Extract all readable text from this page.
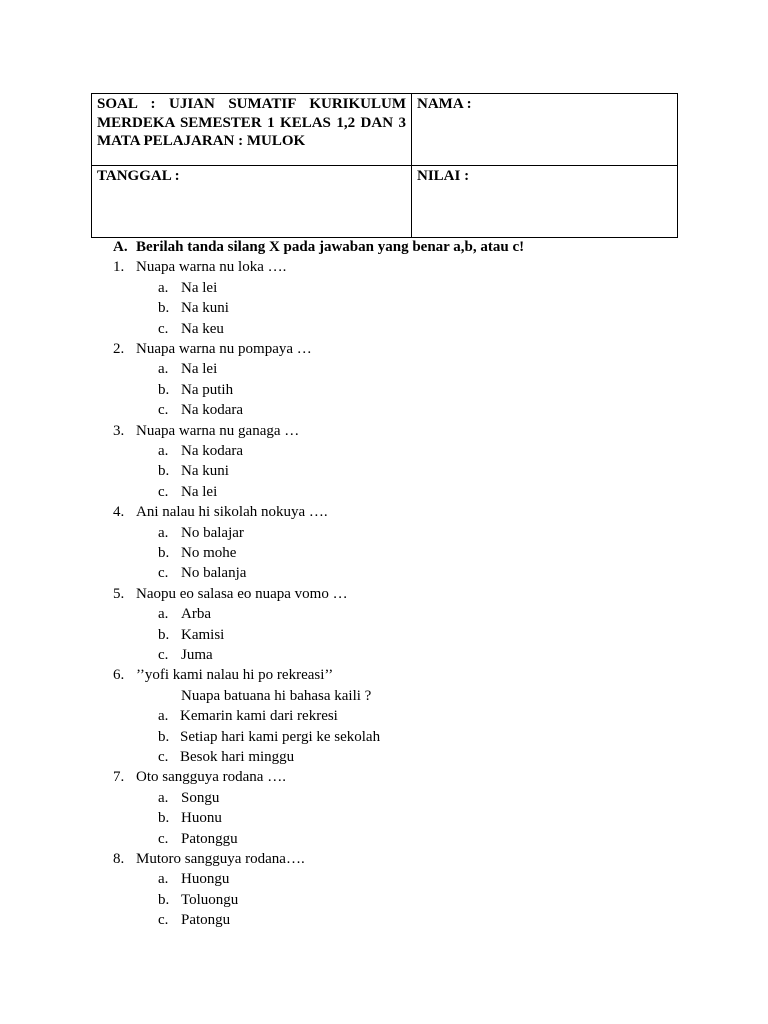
SOAL : UJIAN SUMATIF KURIKULUM
MERDEKA SEMESTER 1 KELAS 1,2 DAN 3
MATA PELAJARAN : MULOK	NAMA :
TANGGAL :	NILAI :
A. Berilah tanda silang X pada jawaban yang benar a,b, atau c!
1. Nuapa warna nu loka ….
a. Na lei
b. Na kuni
c. Na keu
2. Nuapa warna nu pompaya …
a. Na lei
b. Na putih
c. Na kodara
3. Nuapa warna nu ganaga …
a. Na kodara
b. Na kuni
c. Na lei
4. Ani nalau hi sikolah nokuya ….
a. No balajar
b. No mohe
c. No balanja
5. Naopu eo salasa eo nuapa vomo …
a. Arba
b. Kamisi
c. Juma
6. ’’yofi kami nalau hi po rekreasi’’
Nuapa batuana hi bahasa kaili ?
a. Kemarin kami dari rekresi
b. Setiap hari kami pergi ke sekolah
c. Besok hari minggu
7. Oto sangguya rodana ….
a. Songu
b. Huonu
c. Patonggu
8. Mutoro sangguya rodana….
a. Huongu
b. Toluongu
c. Patongu
